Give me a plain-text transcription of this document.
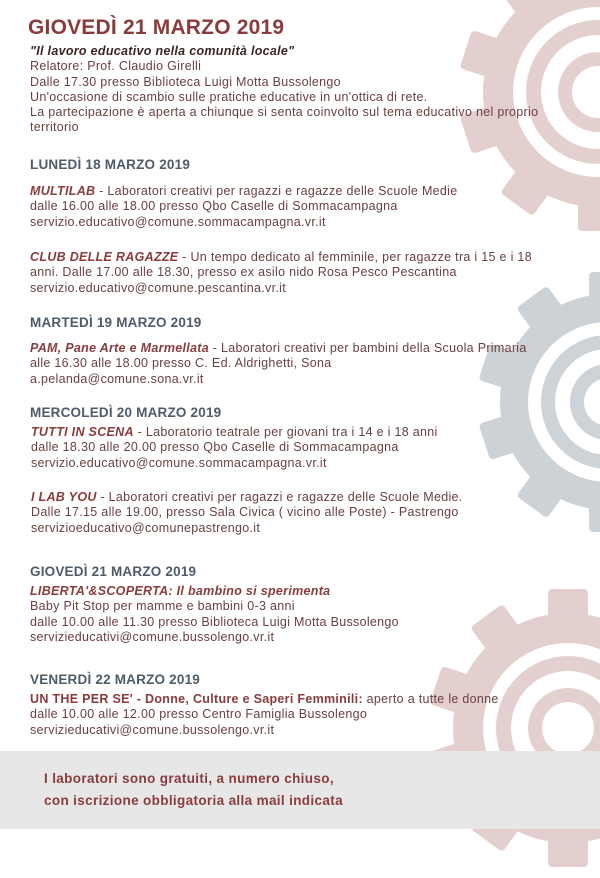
GIOVEDÌ 21 MARZO 2019
"Il lavoro educativo nella comunità locale"
Relatore: Prof. Claudio Girelli
Dalle 17.30 presso Biblioteca Luigi Motta Bussolengo
Un'occasione di scambio sulle pratiche educative in un'ottica di rete.
La partecipazione è aperta a chiunque si senta coinvolto sul tema educativo nel proprio
territorio
LUNEDÌ 18 MARZO 2019
MULTILAB - Laboratori creativi per ragazzi e ragazze delle Scuole Medie
dalle 16.00 alle 18.00 presso Qbo Caselle di Sommacampagna
servizio.educativo@comune.sommacampagna.vr.it
CLUB DELLE RAGAZZE - Un tempo dedicato al femminile, per ragazze tra i 15 e i 18
anni. Dalle 17.00 alle 18.30, presso ex asilo nido Rosa Pesco Pescantina
servizio.educativo@comune.pescantina.vr.it
MARTEDÌ 19 MARZO 2019
PAM, Pane Arte e Marmellata - Laboratori creativi per bambini della Scuola Primaria
alle 16.30 alle 18.00 presso C. Ed. Aldrighetti, Sona
a.pelanda@comune.sona.vr.it
MERCOLEDÌ 20 MARZO 2019
TUTTI IN SCENA - Laboratorio teatrale per giovani tra i 14 e i 18 anni
dalle 18.30 alle 20.00 presso Qbo Caselle di Sommacampagna
servizio.educativo@comune.sommacampagna.vr.it
I LAB YOU - Laboratori creativi per ragazzi e ragazze delle Scuole Medie.
Dalle 17.15 alle 19.00, presso Sala Civica ( vicino alle Poste) - Pastrengo
servizioeducativo@comunepastrengo.it
GIOVEDÌ 21 MARZO 2019
LIBERTA'&SCOPERTA: Il bambino si sperimenta
Baby Pit Stop per mamme e bambini 0-3 anni
dalle 10.00 alle 11.30 presso Biblioteca Luigi Motta Bussolengo
servizieducativi@comune.bussolengo.vr.it
VENERDÌ 22 MARZO 2019
UN THE PER SE' - Donne, Culture e Saperi Femminili: aperto a tutte le donne
dalle 10.00 alle 12.00 presso Centro Famiglia Bussolengo
servizieducativi@comune.bussolengo.vr.it
I laboratori sono gratuiti, a numero chiuso,
con iscrizione obbligatoria alla mail indicata
